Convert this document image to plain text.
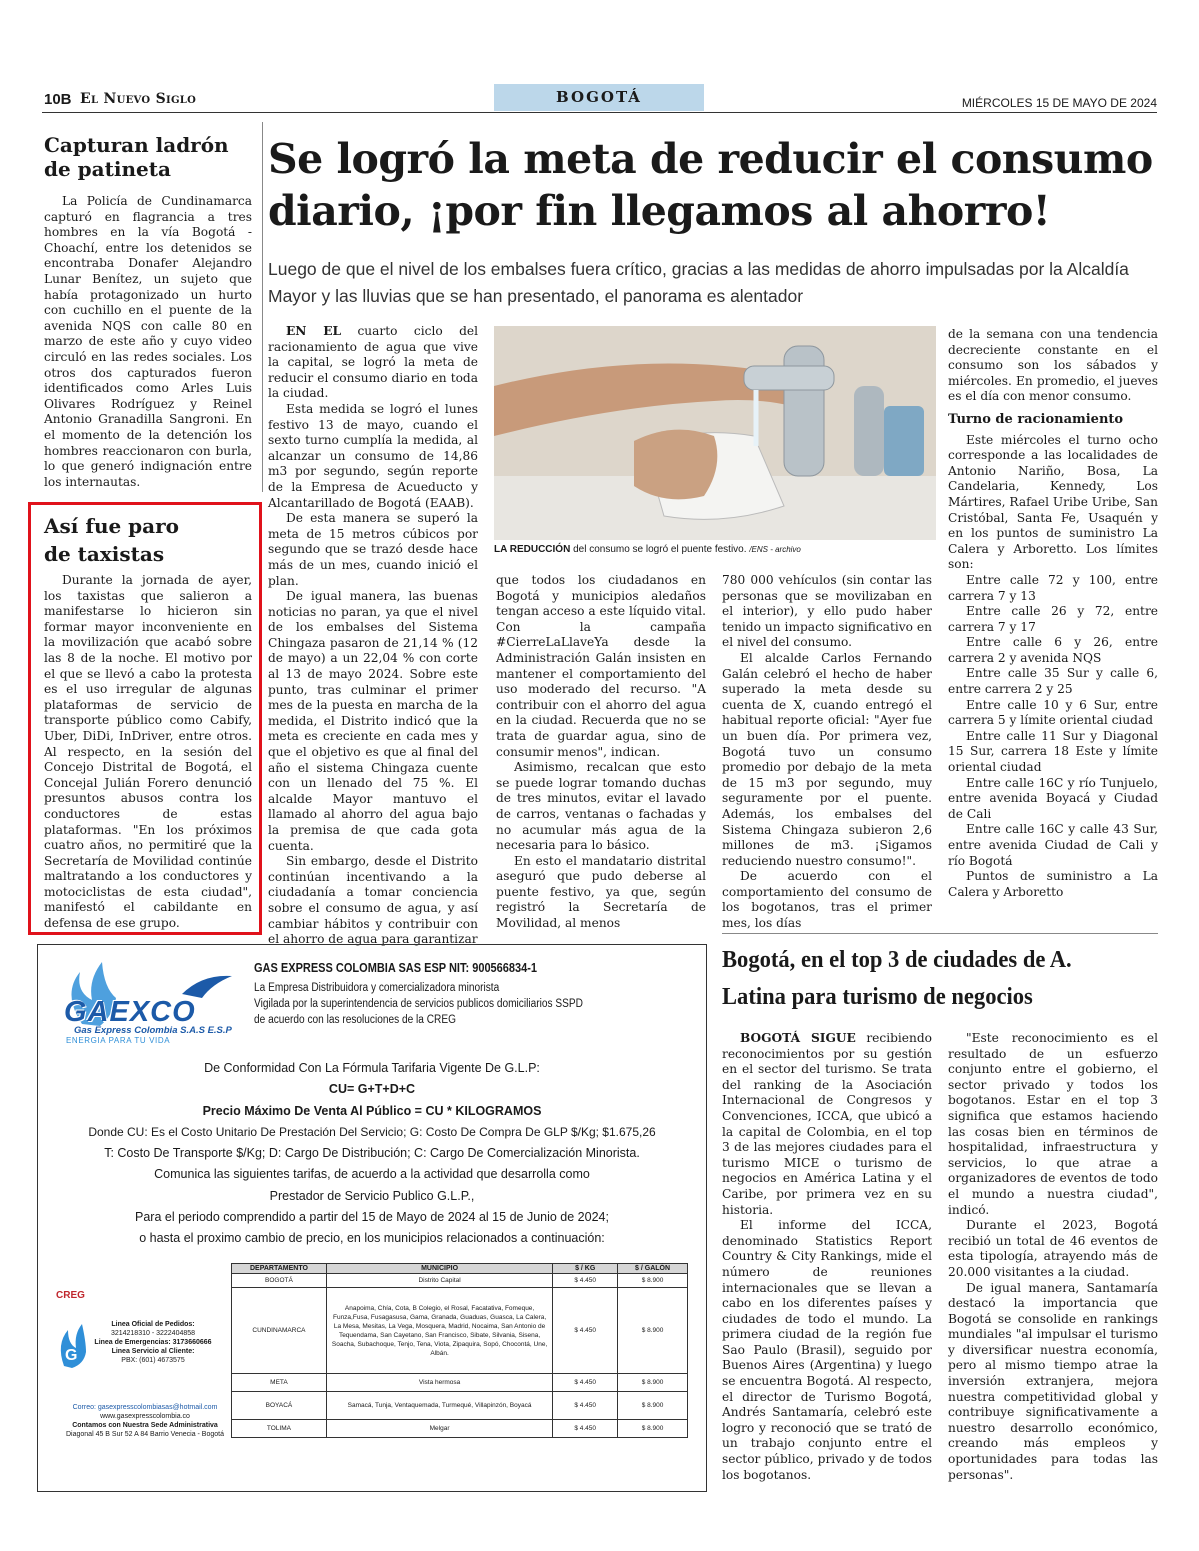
10B El Nuevo Siglo	BOGOTÁ	MIÉRCOLES 15 DE MAYO DE 2024
Capturan ladrón de patineta

La Policía de Cundinamarca capturó en flagrancia a tres hombres en la vía Bogotá - Choachí, entre los detenidos se encontraba Donafer Alejandro Lunar Benítez, un sujeto que había protagonizado un hurto con cuchillo en el puente de la avenida NQS con calle 80 en marzo de este año y cuyo video circuló en las redes sociales. Los otros dos capturados fueron identificados como Arles Luis Olivares Rodríguez y Reinel Antonio Granadilla Sangroni. En el momento de la detención los hombres reaccionaron con burla, lo que generó indignación entre los internautas.

Así fue paro de taxistas

Durante la jornada de ayer, los taxistas que salieron a manifestarse lo hicieron sin formar mayor inconveniente en la movilización que acabó sobre las 8 de la noche. El motivo por el que se llevó a cabo la protesta es el uso irregular de algunas plataformas de servicio de transporte público como Cabify, Uber, DiDi, InDriver, entre otros. Al respecto, en la sesión del Concejo Distrital de Bogotá, el Concejal Julián Forero denunció presuntos abusos contra los conductores de estas plataformas. "En los próximos cuatro años, no permitiré que la Secretaría de Movilidad continúe maltratando a los conductores y motociclistas de esta ciudad", manifestó el cabildante en defensa de ese grupo.

Se logró la meta de reducir el consumo diario, ¡por fin llegamos al ahorro!
Luego de que el nivel de los embalses fuera crítico, gracias a las medidas de ahorro impulsadas por la Alcaldía Mayor y las lluvias que se han presentado, el panorama es alentador

EN EL cuarto ciclo del racionamiento de agua que vive la capital, se logró la meta de reducir el consumo diario en toda la ciudad.

Esta medida se logró el lunes festivo 13 de mayo, cuando el sexto turno cumplía la medida, al alcanzar un consumo de 14,86 m3 por segundo, según reporte de la Empresa de Acueducto y Alcantarillado de Bogotá (EAAB).

De esta manera se superó la meta de 15 metros cúbicos por segundo que se trazó desde hace más de un mes, cuando inició el plan.

De igual manera, las buenas noticias no paran, ya que el nivel de los embalses del Sistema Chingaza pasaron de 21,14 % (12 de mayo) a un 22,04 % con corte al 13 de mayo 2024. Sobre este punto, tras culminar el primer mes de la puesta en marcha de la medida, el Distrito indicó que la meta es creciente en cada mes y que el objetivo es que al final del año el sistema Chingaza cuente con un llenado del 75 %. El alcalde Mayor mantuvo el llamado al ahorro del agua bajo la premisa de que cada gota cuenta.

Sin embargo, desde el Distrito continúan incentivando a la ciudadanía a tomar conciencia sobre el consumo de agua, y así cambiar hábitos y contribuir con el ahorro de agua para garantizar

LA REDUCCIÓN del consumo se logró el puente festivo. /ENS - archivo

que todos los ciudadanos en Bogotá y municipios aledaños tengan acceso a este líquido vital. Con la campaña #CierreLaLlaveYa desde la Administración Galán insisten en mantener el comportamiento del uso moderado del recurso. "A contribuir con el ahorro del agua en la ciudad. Recuerda que no se trata de guardar agua, sino de consumir menos", indican.

Asimismo, recalcan que esto se puede lograr tomando duchas de tres minutos, evitar el lavado de carros, ventanas o fachadas y no acumular más agua de la necesaria para lo básico.

En esto el mandatario distrital aseguró que pudo deberse al puente festivo, ya que, según registró la Secretaría de Movilidad, al menos

780 000 vehículos (sin contar las personas que se movilizaban en el interior), y ello pudo haber tenido un impacto significativo en el nivel del consumo.

El alcalde Carlos Fernando Galán celebró el hecho de haber superado la meta desde su cuenta de X, cuando entregó el habitual reporte oficial: "Ayer fue un buen día. Por primera vez, Bogotá tuvo un consumo promedio por debajo de la meta de 15 m3 por segundo, muy seguramente por el puente. Además, los embalses del Sistema Chingaza subieron 2,6 millones de m3. ¡Sigamos reduciendo nuestro consumo!".

De acuerdo con el comportamiento del consumo de los bogotanos, tras el primer mes, los días

de la semana con una tendencia decreciente constante en el consumo son los sábados y miércoles. En promedio, el jueves es el día con menor consumo.

Turno de racionamiento

Este miércoles el turno ocho corresponde a las localidades de Antonio Nariño, Bosa, La Candelaria, Kennedy, Los Mártires, Rafael Uribe Uribe, San Cristóbal, Santa Fe, Usaquén y en los puntos de suministro La Calera y Arboretto. Los límites son:

Entre calle 72 y 100, entre carrera 7 y 13

Entre calle 26 y 72, entre carrera 7 y 17

Entre calle 6 y 26, entre carrera 2 y avenida NQS

Entre calle 35 Sur y calle 6, entre carrera 2 y 25

Entre calle 10 y 6 Sur, entre carrera 5 y límite oriental ciudad

Entre calle 11 Sur y Diagonal 15 Sur, carrera 18 Este y límite oriental ciudad

Entre calle 16C y río Tunjuelo, entre avenida Boyacá y Ciudad de Cali

Entre calle 16C y calle 43 Sur, entre avenida Ciudad de Cali y río Bogotá

Puntos de suministro a La Calera y Arboretto

GAEXCO
Gas Express Colombia S.A.S E.S.P
ENERGIA PARA TU VIDA
GAS EXPRESS COLOMBIA SAS ESP NIT: 900566834-1
La Empresa Distribuidora y comercializadora minorista
Vigilada por la superintendencia de servicios publicos domiciliarios SSPD
de acuerdo con las resoluciones de la CREG
De Conformidad Con La Fórmula Tarifaria Vigente De G.L.P:
CU= G+T+D+C
Precio Máximo De Venta Al Público = CU * KILOGRAMOS
Donde CU: Es el Costo Unitario De Prestación Del Servicio; G: Costo De Compra De GLP $/Kg; $1.675,26
T: Costo De Transporte $/Kg; D: Cargo De Distribución; C: Cargo De Comercialización Minorista.
Comunica las siguientes tarifas, de acuerdo a la actividad que desarrolla como
Prestador de Servicio Publico G.L.P.,
Para el periodo comprendido a partir del 15 de Mayo de 2024 al 15 de Junio de 2024;
o hasta el proximo cambio de precio, en los municipios relacionados a continuación:
CREG
G
Linea Oficial de Pedidos:
3214218310 - 3222404858
Linea de Emergencias: 3173660666
Linea Servicio al Cliente:
PBX: (601) 4673575
Correo: gasexpresscolombiasas@hotmail.com
www.gasexpresscolombia.co
Contamos con Nuestra Sede Administrativa
Diagonal 45 B Sur 52 A 84 Barrio Venecia - Bogotá
DEPARTAMENTO	MUNICIPIO	$ / KG	$ / GALÓN
BOGOTÁ	Distrito Capital	$ 4.450	$ 8.900
CUNDINAMARCA	Anapoima, Chía, Cota, B Colegio, el Rosal, Facatativa, Fomeque, Funza,Fusa, Fusagasusa, Gama, Granada, Guaduas, Guasca, La Calera, La Mesa, Mesitas, La Vega, Mosquera, Madrid, Nocaima, San Antonio de Tequendama, San Cayetano, San Francisco, Sibate, Silvania, Sisena, Soacha, Subachoque, Tenjo, Tena, Viota, Zipaquira, Sopó, Chocontá, Une, Albán.	$ 4.450	$ 8.900
META	Vista hermosa	$ 4.450	$ 8.900
BOYACÁ	Samacá, Tunja, Ventaquemada, Turmequé, Villapinzón, Boyacá	$ 4.450	$ 8.900
TOLIMA	Melgar	$ 4.450	$ 8.900
Bogotá, en el top 3 de ciudades de A. Latina para turismo de negocios

BOGOTÁ SIGUE recibiendo reconocimientos por su gestión en el sector del turismo. Se trata del ranking de la Asociación Internacional de Congresos y Convenciones, ICCA, que ubicó a la capital de Colombia, en el top 3 de las mejores ciudades para el turismo MICE o turismo de negocios en América Latina y el Caribe, por primera vez en su historia.

El informe del ICCA, denominado Statistics Report Country & City Rankings, mide el número de reuniones internacionales que se llevan a cabo en los diferentes países y ciudades de todo el mundo. La primera ciudad de la región fue Sao Paulo (Brasil), seguido por Buenos Aires (Argentina) y luego se encuentra Bogotá. Al respecto, el director de Turismo Bogotá, Andrés Santamaría, celebró este logro y reconoció que se trató de un trabajo conjunto entre el sector público, privado y de todos los bogotanos.

"Este reconocimiento es el resultado de un esfuerzo conjunto entre el gobierno, el sector privado y todos los bogotanos. Estar en el top 3 significa que estamos haciendo las cosas bien en términos de hospitalidad, infraestructura y servicios, lo que atrae a organizadores de eventos de todo el mundo a nuestra ciudad", indicó.

Durante el 2023, Bogotá recibió un total de 46 eventos de esta tipología, atrayendo más de 20.000 visitantes a la ciudad.

De igual manera, Santamaría destacó la importancia que Bogotá se consolide en rankings mundiales "al impulsar el turismo y diversificar nuestra economía, pero al mismo tiempo atrae la inversión extranjera, mejora nuestra competitividad global y contribuye significativamente a nuestro desarrollo económico, creando más empleos y oportunidades para todas las personas".
